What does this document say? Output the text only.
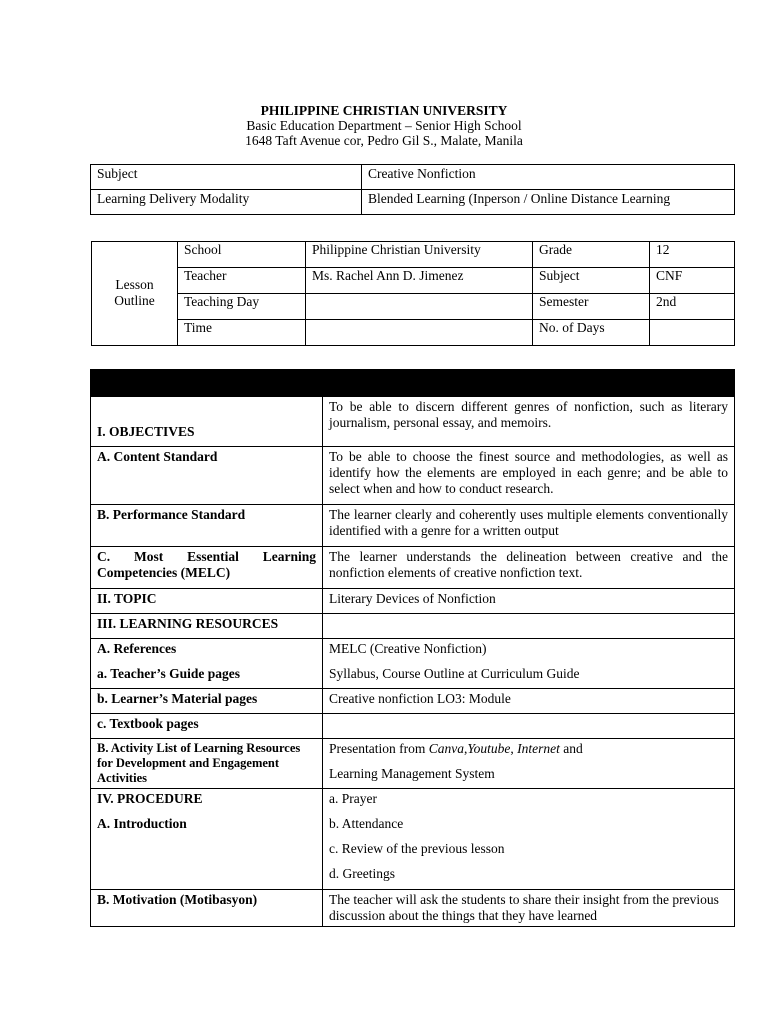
PHILIPPINE CHRISTIAN UNIVERSITY
Basic Education Department – Senior High School
1648 Taft Avenue cor, Pedro Gil S., Malate, Manila
Subject	Creative Nonfiction
Learning Delivery Modality	Blended Learning (Inperson / Online Distance Learning
Lesson Outline	School	Philippine Christian University	Grade	12
	Teacher	Ms. Rachel Ann D. Jimenez	Subject	CNF
	Teaching Day		Semester	2nd
	Time		No. of Days	

I. OBJECTIVES	To be able to discern different genres of nonfiction, such as literary journalism, personal essay, and memoirs.
A. Content Standard	To be able to choose the finest source and methodologies, as well as identify how the elements are employed in each genre; and be able to select when and how to conduct research.
B. Performance Standard	The learner clearly and coherently uses multiple elements conventionally identified with a genre for a written output
C. Most Essential Learning Competencies (MELC)	The learner understands the delineation between creative and the nonfiction elements of creative nonfiction text.
II. TOPIC	Literary Devices of Nonfiction
III. LEARNING RESOURCES	
A. References	MELC (Creative Nonfiction)
a. Teacher’s Guide pages	Syllabus, Course Outline at Curriculum Guide
b. Learner’s Material pages	Creative nonfiction LO3: Module
c. Textbook pages	
B. Activity List of Learning Resources for Development and Engagement Activities	Presentation from Canva,Youtube, Internet and
Learning Management System

IV. PROCEDURE
A. Introduction	a. Prayer
b. Attendance
c. Review of the previous lesson
d. Greetings

B. Motivation (Motibasyon)	The teacher will ask the students to share their insight from the previous discussion about the things that they have learned
